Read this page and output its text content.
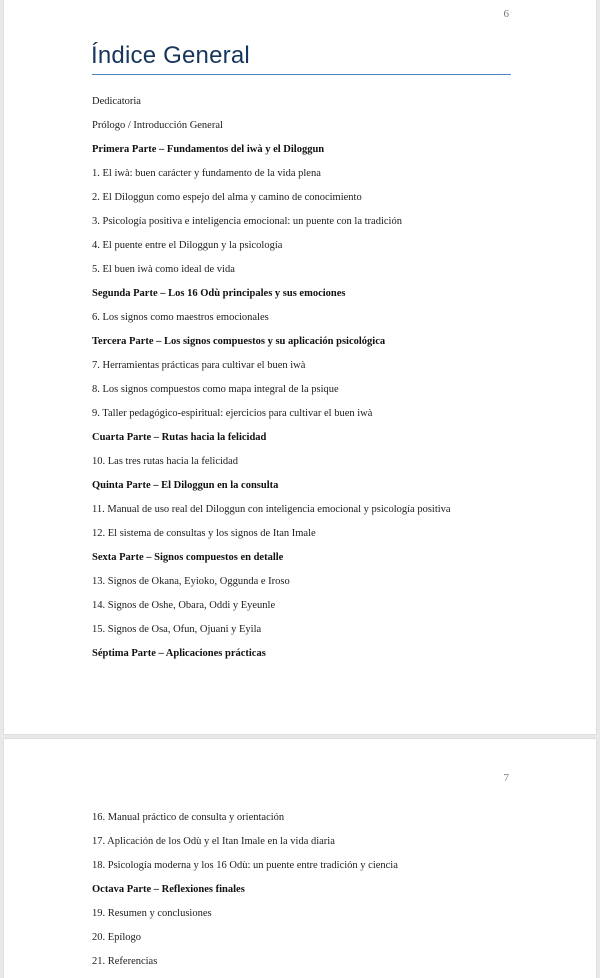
6
Índice General
Dedicatoria
Prólogo / Introducción General
Primera Parte – Fundamentos del iwà y el Diloggun
1. El iwà: buen carácter y fundamento de la vida plena
2. El Diloggun como espejo del alma y camino de conocimiento
3. Psicología positiva e inteligencia emocional: un puente con la tradición
4. El puente entre el Diloggun y la psicología
5. El buen iwà como ideal de vida
Segunda Parte – Los 16 Odù principales y sus emociones
6. Los signos como maestros emocionales
Tercera Parte – Los signos compuestos y su aplicación psicológica
7. Herramientas prácticas para cultivar el buen iwà
8. Los signos compuestos como mapa integral de la psique
9. Taller pedagógico-espiritual: ejercicios para cultivar el buen iwà
Cuarta Parte – Rutas hacia la felicidad
10. Las tres rutas hacia la felicidad
Quinta Parte – El Diloggun en la consulta
11. Manual de uso real del Diloggun con inteligencia emocional y psicología positiva
12. El sistema de consultas y los signos de Itan Imale
Sexta Parte – Signos compuestos en detalle
13. Signos de Okana, Eyioko, Oggunda e Iroso
14. Signos de Oshe, Obara, Oddi y Eyeunle
15. Signos de Osa, Ofun, Ojuani y Eyila
Séptima Parte – Aplicaciones prácticas
7
16. Manual práctico de consulta y orientación
17. Aplicación de los Odù y el Itan Imale en la vida diaria
18. Psicología moderna y los 16 Odù: un puente entre tradición y ciencia
Octava Parte – Reflexiones finales
19. Resumen y conclusiones
20. Epílogo
21. Referencias
